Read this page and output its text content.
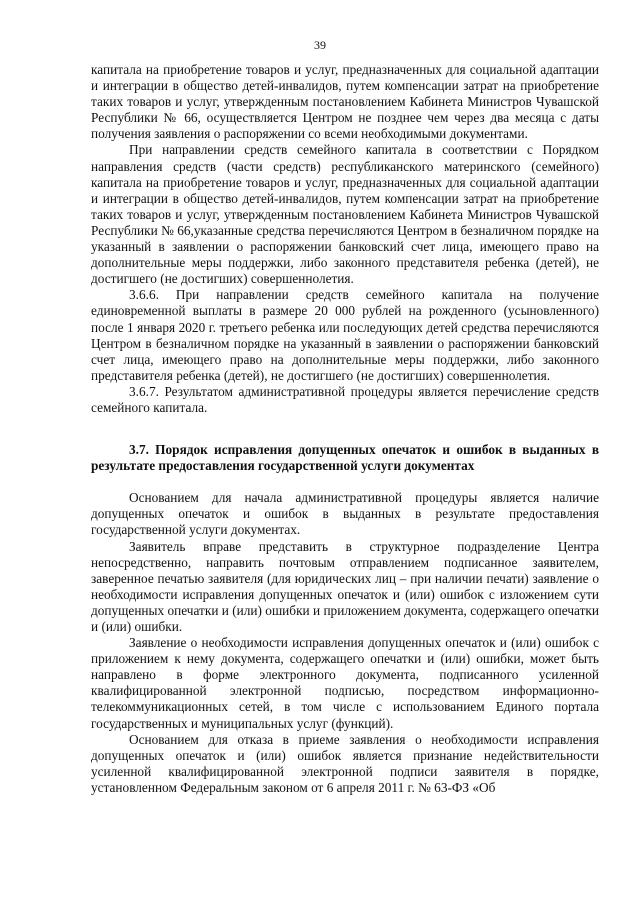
39

капитала на приобретение товаров и услуг, предназначенных для социальной адаптации и интеграции в общество детей-инвалидов, путем компенсации затрат на приобретение таких товаров и услуг, утвержденным постановлением Кабинета Министров Чувашской Республики № 66, осуществляется Центром не позднее чем через два месяца с даты получения заявления о распоряжении со всеми необходимыми документами.

При направлении средств семейного капитала в соответствии с Порядком направления средств (части средств) республиканского материнского (семейного) капитала на приобретение товаров и услуг, предназначенных для социальной адаптации и интеграции в общество детей-инвалидов, путем компенсации затрат на приобретение таких товаров и услуг, утвержденным постановлением Кабинета Министров Чувашской Республики № 66,указанные средства перечисляются Центром в безналичном порядке на указанный в заявлении о распоряжении банковский счет лица, имеющего право на дополнительные меры поддержки, либо законного представителя ребенка (детей), не достигшего (не достигших) совершеннолетия.

3.6.6. При направлении средств семейного капитала на получение единовременной выплаты в размере 20 000 рублей на рожденного (усыновленного) после 1 января 2020 г. третьего ребенка или последующих детей средства перечисляются Центром в безналичном порядке на указанный в заявлении о распоряжении банковский счет лица, имеющего право на дополнительные меры поддержки, либо законного представителя ребенка (детей), не достигшего (не достигших) совершеннолетия.

3.6.7. Результатом административной процедуры является перечисление средств семейного капитала.

3.7. Порядок исправления допущенных опечаток и ошибок в выданных в результате предоставления государственной услуги документах

Основанием для начала административной процедуры является наличие допущенных опечаток и ошибок в выданных в результате предоставления государственной услуги документах.

Заявитель вправе представить в структурное подразделение Центра непосредственно, направить почтовым отправлением подписанное заявителем, заверенное печатью заявителя (для юридических лиц – при наличии печати) заявление о необходимости исправления допущенных опечаток и (или) ошибок с изложением сути допущенных опечатки и (или) ошибки и приложением документа, содержащего опечатки и (или) ошибки.

Заявление о необходимости исправления допущенных опечаток и (или) ошибок с приложением к нему документа, содержащего опечатки и (или) ошибки, может быть направлено в форме электронного документа, подписанного усиленной квалифицированной электронной подписью, посредством информационно-телекоммуникационных сетей, в том числе с использованием Единого портала государственных и муниципальных услуг (функций).

Основанием для отказа в приеме заявления о необходимости исправления допущенных опечаток и (или) ошибок является признание недействительности усиленной квалифицированной электронной подписи заявителя в порядке, установленном Федеральным законом от 6 апреля 2011 г. № 63-ФЗ «Об
